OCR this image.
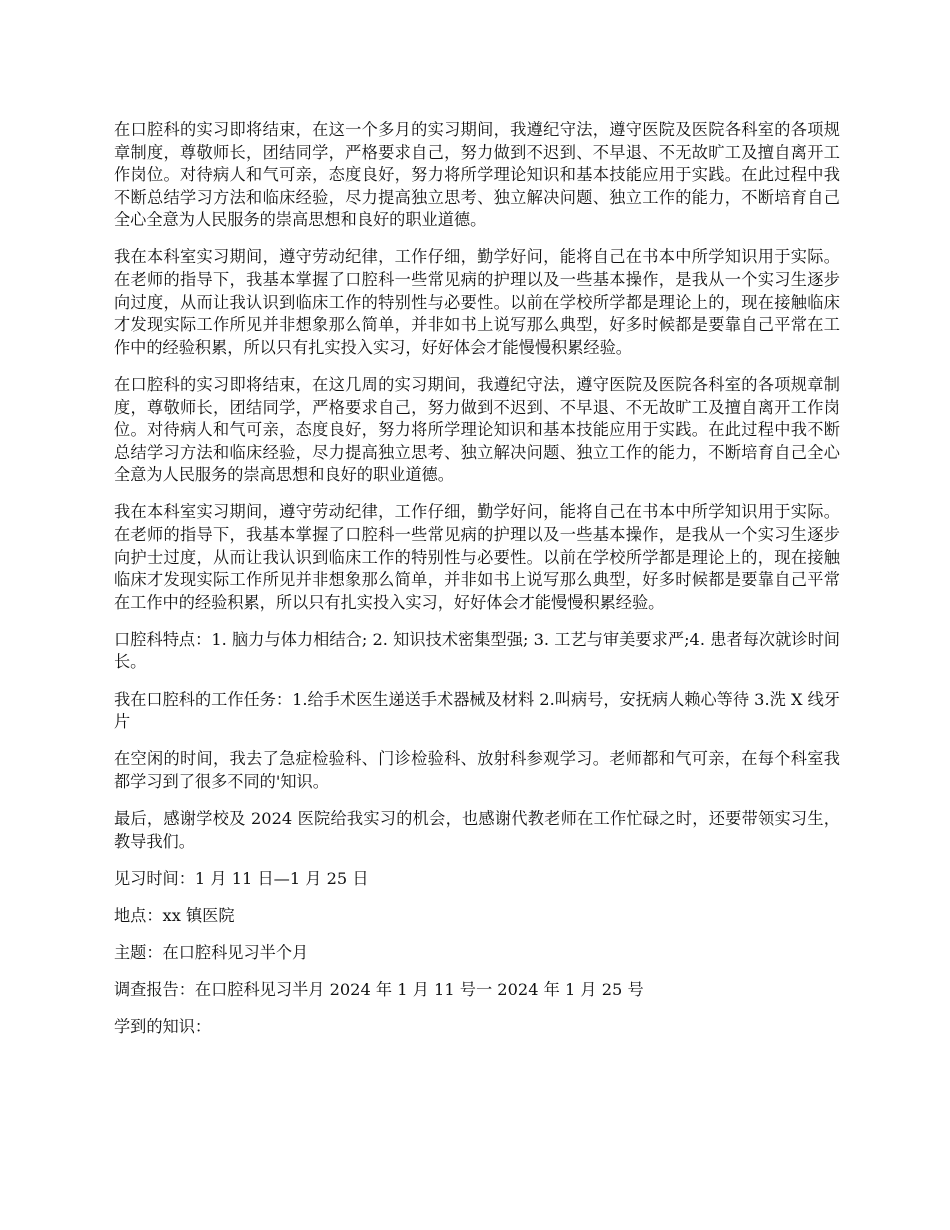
在口腔科的实习即将结束，在这一个多月的实习期间，我遵纪守法，遵守医院及医院各科室的各项规章制度，尊敬师长，团结同学，严格要求自己，努力做到不迟到、不早退、不无故旷工及擅自离开工作岗位。对待病人和气可亲，态度良好，努力将所学理论知识和基本技能应用于实践。在此过程中我不断总结学习方法和临床经验，尽力提高独立思考、独立解决问题、独立工作的能力，不断培育自己全心全意为人民服务的崇高思想和良好的职业道德。

我在本科室实习期间，遵守劳动纪律，工作仔细，勤学好问，能将自己在书本中所学知识用于实际。在老师的指导下，我基本掌握了口腔科一些常见病的护理以及一些基本操作，是我从一个实习生逐步向过度，从而让我认识到临床工作的特别性与必要性。以前在学校所学都是理论上的，现在接触临床才发现实际工作所见并非想象那么简单，并非如书上说写那么典型，好多时候都是要靠自己平常在工作中的经验积累，所以只有扎实投入实习，好好体会才能慢慢积累经验。

在口腔科的实习即将结束，在这几周的实习期间，我遵纪守法，遵守医院及医院各科室的各项规章制度，尊敬师长，团结同学，严格要求自己，努力做到不迟到、不早退、不无故旷工及擅自离开工作岗位。对待病人和气可亲，态度良好，努力将所学理论知识和基本技能应用于实践。在此过程中我不断总结学习方法和临床经验，尽力提高独立思考、独立解决问题、独立工作的能力，不断培育自己全心全意为人民服务的崇高思想和良好的职业道德。

我在本科室实习期间，遵守劳动纪律，工作仔细，勤学好问，能将自己在书本中所学知识用于实际。在老师的指导下，我基本掌握了口腔科一些常见病的护理以及一些基本操作，是我从一个实习生逐步向护士过度，从而让我认识到临床工作的特别性与必要性。以前在学校所学都是理论上的，现在接触临床才发现实际工作所见并非想象那么简单，并非如书上说写那么典型，好多时候都是要靠自己平常在工作中的经验积累，所以只有扎实投入实习，好好体会才能慢慢积累经验。

口腔科特点：1. 脑力与体力相结合; 2. 知识技术密集型强; 3. 工艺与审美要求严;4. 患者每次就诊时间长。

我在口腔科的工作任务：1.给手术医生递送手术器械及材料 2.叫病号，安抚病人赖心等待 3.洗 X 线牙片

在空闲的时间，我去了急症检验科、门诊检验科、放射科参观学习。老师都和气可亲，在每个科室我都学习到了很多不同的'知识。

最后，感谢学校及 2024 医院给我实习的机会，也感谢代教老师在工作忙碌之时，还要带领实习生，教导我们。

见习时间：1 月 11 日—1 月 25 日

地点：xx 镇医院

主题：在口腔科见习半个月

调查报告：在口腔科见习半月 2024 年 1 月 11 号一 2024 年 1 月 25 号

学到的知识：
